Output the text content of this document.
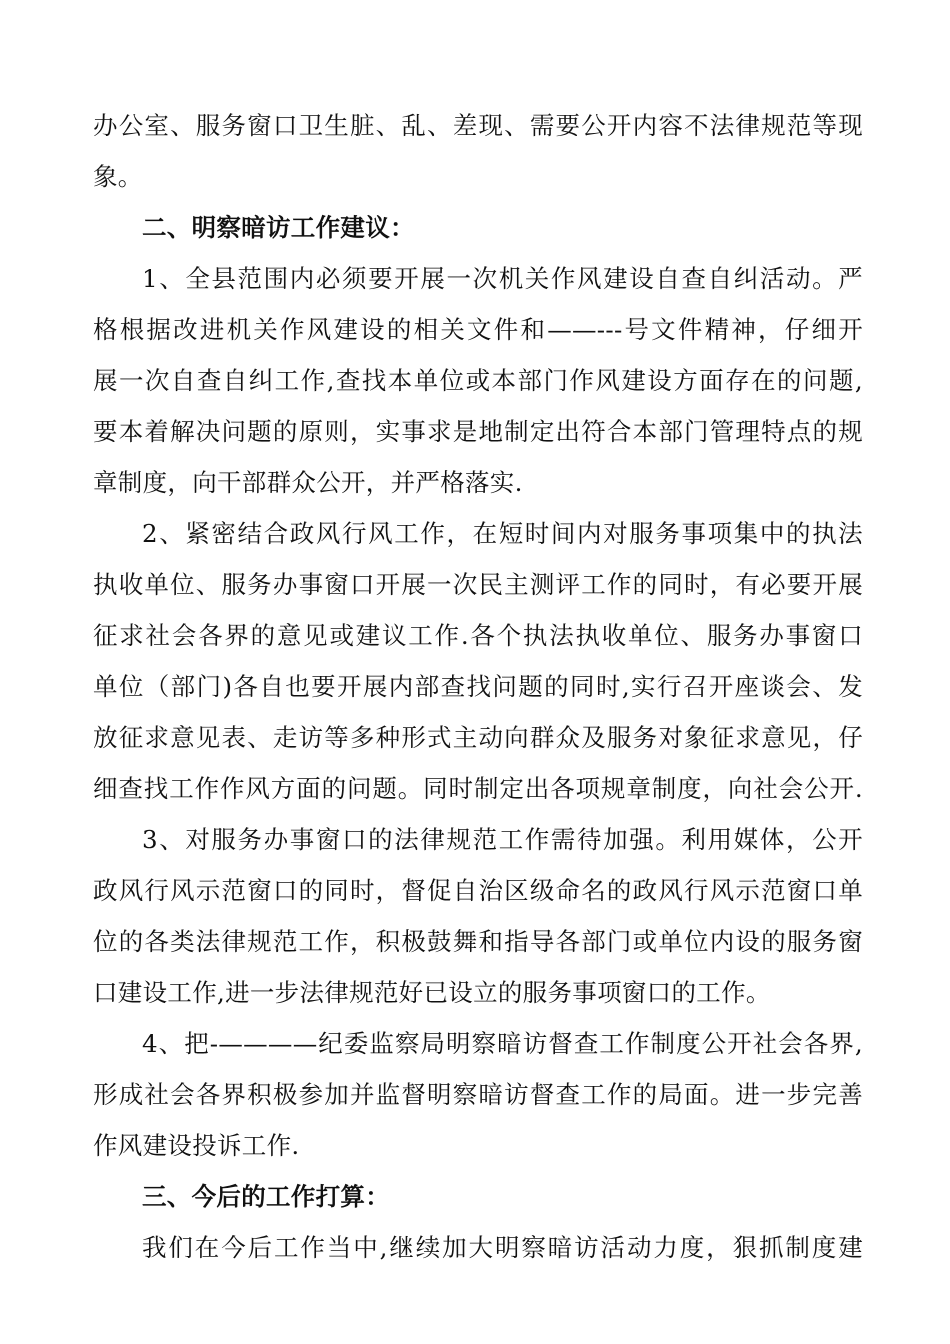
办公室、服务窗口卫生脏、乱、差现、需要公开内容不法律规范等现
象。
二、明察暗访工作建议：
1、全县范围内必须要开展一次机关作风建设自查自纠活动。严
格根据改进机关作风建设的相关文件和——---号文件精神，仔细开
展一次自查自纠工作,查找本单位或本部门作风建设方面存在的问题,
要本着解决问题的原则，实事求是地制定出符合本部门管理特点的规
章制度，向干部群众公开，并严格落实.
2、紧密结合政风行风工作，在短时间内对服务事项集中的执法
执收单位、服务办事窗口开展一次民主测评工作的同时，有必要开展
征求社会各界的意见或建议工作.各个执法执收单位、服务办事窗口
单位（部门)各自也要开展内部查找问题的同时,实行召开座谈会、发
放征求意见表、走访等多种形式主动向群众及服务对象征求意见，仔
细查找工作作风方面的问题。同时制定出各项规章制度，向社会公开.
3、对服务办事窗口的法律规范工作需待加强。利用媒体，公开
政风行风示范窗口的同时，督促自治区级命名的政风行风示范窗口单
位的各类法律规范工作，积极鼓舞和指导各部门或单位内设的服务窗
口建设工作,进一步法律规范好已设立的服务事项窗口的工作。
4、把-————纪委监察局明察暗访督查工作制度公开社会各界,
形成社会各界积极参加并监督明察暗访督查工作的局面。进一步完善
作风建设投诉工作.
三、今后的工作打算：
我们在今后工作当中,继续加大明察暗访活动力度，狠抓制度建
